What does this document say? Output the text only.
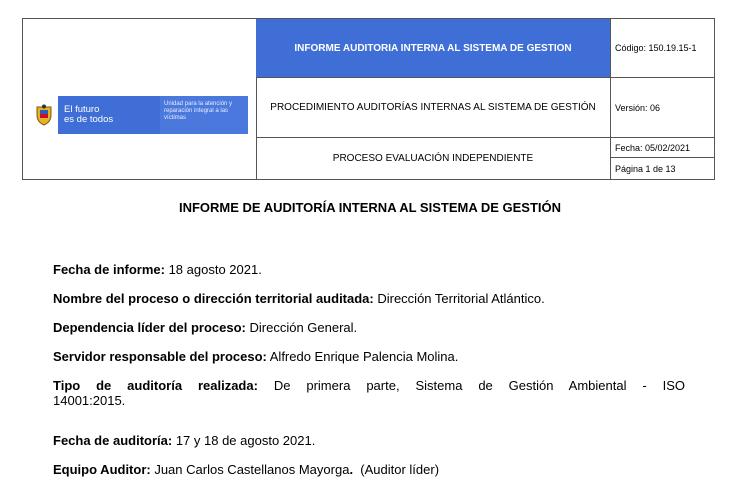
El futuro
es de todos
Unidad para la atención y reparación integral a las víctimas
INFORME AUDITORIA INTERNA AL SISTEMA DE GESTION
PROCEDIMIENTO AUDITORÍAS INTERNAS AL SISTEMA DE GESTIÓN
PROCESO EVALUACIÓN INDEPENDIENTE
Código: 150.19.15-1
Versión: 06
Fecha: 05/02/2021
Página 1 de 13
INFORME DE AUDITORÍA INTERNA AL SISTEMA DE GESTIÓN
Fecha de informe: 18 agosto 2021.
Nombre del proceso o dirección territorial auditada: Dirección Territorial Atlántico.
Dependencia líder del proceso: Dirección General.
Servidor responsable del proceso: Alfredo Enrique Palencia Molina.
Tipo de auditoría realizada: De primera parte, Sistema de Gestión Ambiental - ISO
14001:2015.
Fecha de auditoría: 17 y 18 de agosto 2021.
Equipo Auditor: Juan Carlos Castellanos Mayorga.  (Auditor líder)
